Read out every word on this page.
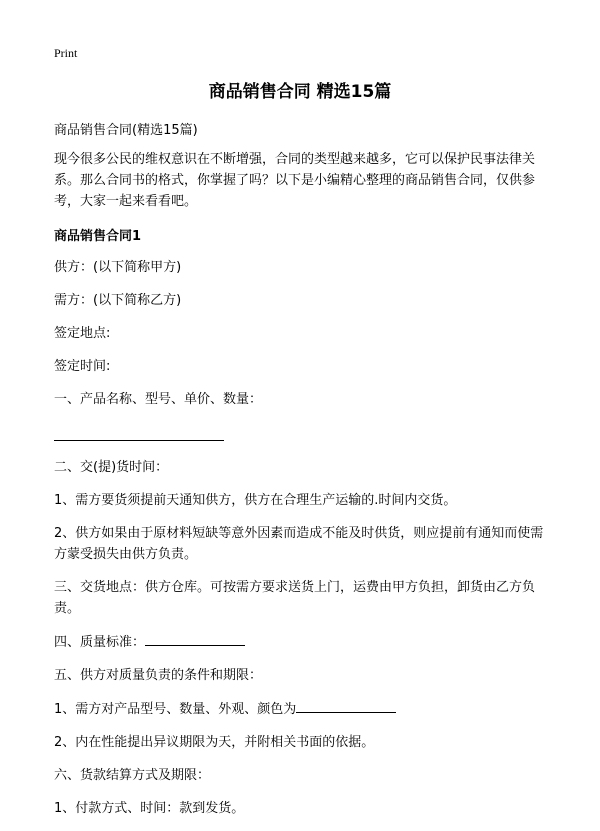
Print
商品销售合同 精选15篇

商品销售合同(精选15篇)

现今很多公民的维权意识在不断增强，合同的类型越来越多，它可以保护民事法律关系。那么合同书的格式，你掌握了吗？以下是小编精心整理的商品销售合同，仅供参考，大家一起来看看吧。

商品销售合同1

供方：(以下简称甲方)

需方：(以下简称乙方)

签定地点:

签定时间:

一、产品名称、型号、单价、数量：

二、交(提)货时间：

1、需方要货须提前天通知供方，供方在合理生产运输的.时间内交货。

2、供方如果由于原材料短缺等意外因素而造成不能及时供货，则应提前有通知而使需方蒙受损失由供方负责。

三、交货地点：供方仓库。可按需方要求送货上门，运费由甲方负担，卸货由乙方负责。

四、质量标准：

五、供方对质量负责的条件和期限：

1、需方对产品型号、数量、外观、颜色为

2、内在性能提出异议期限为天，并附相关书面的依据。

六、货款结算方式及期限：

1、付款方式、时间：款到发货。
